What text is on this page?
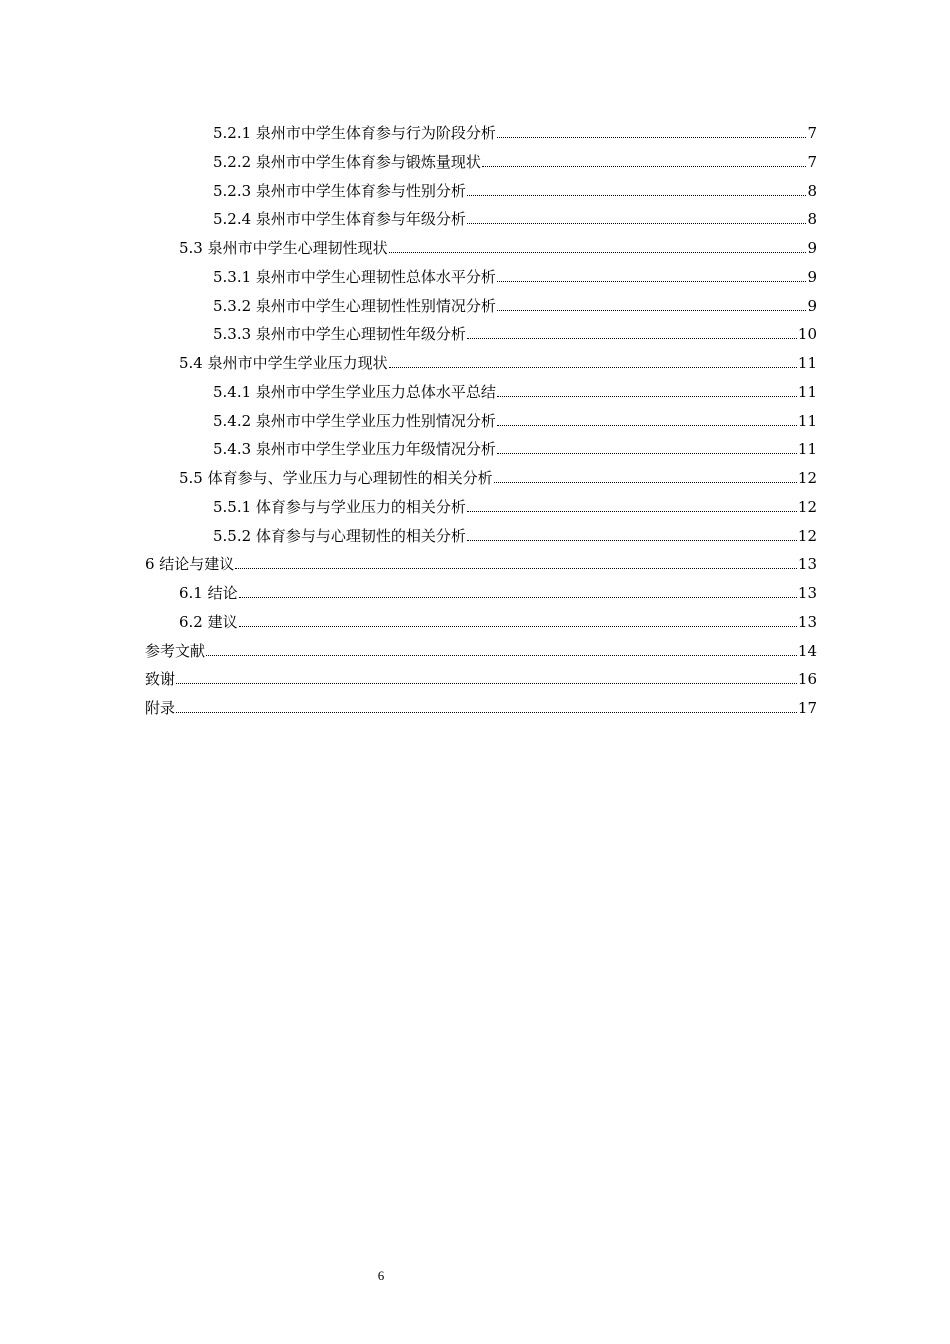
5.2.1 泉州市中学生体育参与行为阶段分析	7
5.2.2 泉州市中学生体育参与锻炼量现状	7
5.2.3 泉州市中学生体育参与性别分析	8
5.2.4 泉州市中学生体育参与年级分析	8
5.3 泉州市中学生心理韧性现状	9
5.3.1 泉州市中学生心理韧性总体水平分析	9
5.3.2 泉州市中学生心理韧性性别情况分析	9
5.3.3 泉州市中学生心理韧性年级分析	10
5.4 泉州市中学生学业压力现状	11
5.4.1 泉州市中学生学业压力总体水平总结	11
5.4.2 泉州市中学生学业压力性别情况分析	11
5.4.3 泉州市中学生学业压力年级情况分析	11
5.5 体育参与、学业压力与心理韧性的相关分析	12
5.5.1 体育参与与学业压力的相关分析	12
5.5.2 体育参与与心理韧性的相关分析	12
6 结论与建议	13
6.1 结论	13
6.2 建议	13
参考文献	14
致谢	16
附录	17
6
